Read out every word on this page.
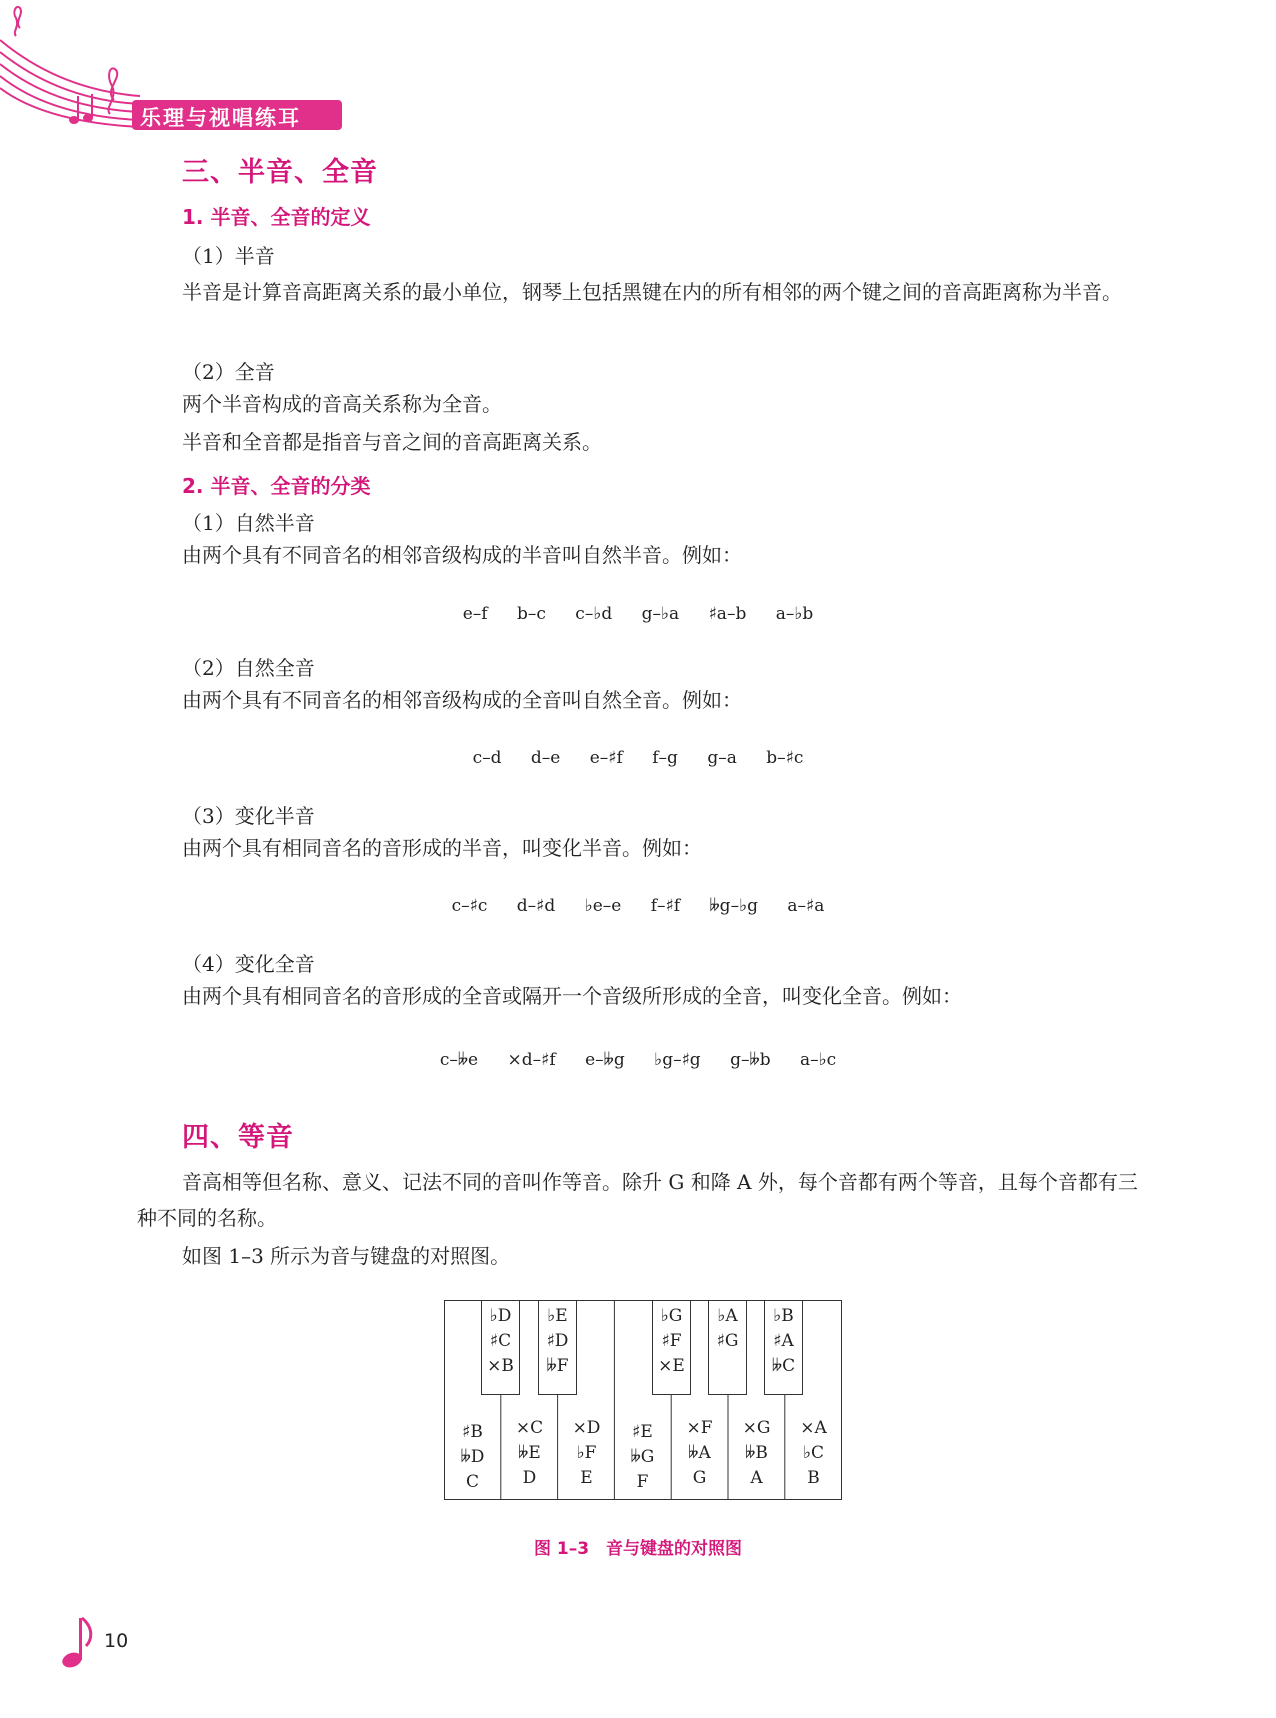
乐理与视唱练耳
三、半音、全音
1. 半音、全音的定义
（1）半音
半音是计算音高距离关系的最小单位，钢琴上包括黑键在内的所有相邻的两个键之间的音高距离称为半音。
（2）全音
两个半音构成的音高关系称为全音。
半音和全音都是指音与音之间的音高距离关系。
2. 半音、全音的分类
（1）自然半音
由两个具有不同音名的相邻音级构成的半音叫自然半音。例如：
e–f b–c c–♭d g–♭a ♯a–b a–♭b
（2）自然全音
由两个具有不同音名的相邻音级构成的全音叫自然全音。例如：
c–d d–e e–♯f f–g g–a b–♯c
（3）变化半音
由两个具有相同音名的音形成的半音，叫变化半音。例如：
c–♯c d–♯d ♭e–e f–♯f 𝄫g–♭g a–♯a
（4）变化全音
由两个具有相同音名的音形成的全音或隔开一个音级所形成的全音，叫变化全音。例如：
c–𝄫e ×d–♯f e–𝄫g ♭g–♯g g–𝄫b a–♭c
四、等音
音高相等但名称、意义、记法不同的音叫作等音。除升 G 和降 A 外，每个音都有两个等音，且每个音都有三种不同的名称。
如图 1–3 所示为音与键盘的对照图。
♭D
♯C
×B
♭E
♯D
𝄫F
♭G
♯F
×E
♭A
♯G
♭B
♯A
𝄫C
♯B
𝄫D
C
×C
𝄫E
D
×D
♭F
E
♯E
𝄫G
F
×F
𝄫A
G
×G
𝄫B
A
×A
♭C
B
图 1–3　音与键盘的对照图
10
